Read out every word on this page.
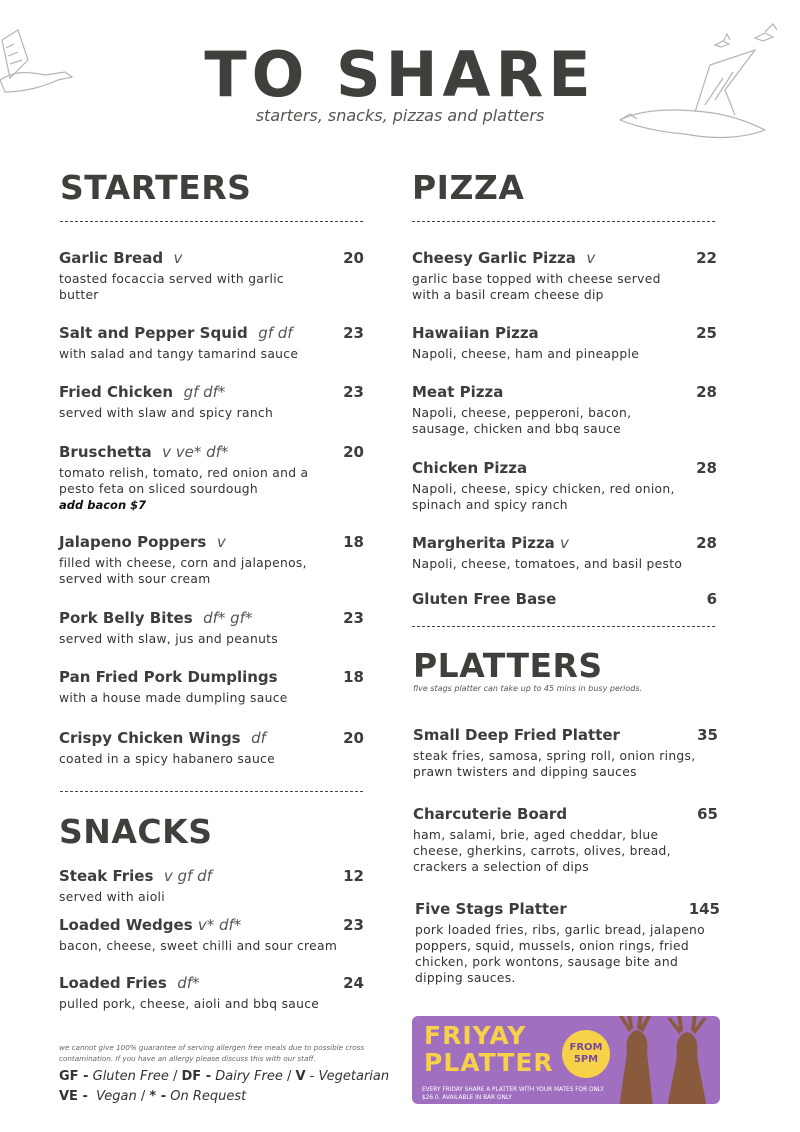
TO SHARE
starters, snacks, pizzas and platters
STARTERS
Garlic Bread v	20
toasted focaccia served with garlic butter
Salt and Pepper Squid gf df	23
with salad and tangy tamarind sauce
Fried Chicken gf df*	23
served with slaw and spicy ranch
Bruschetta v ve* df*	20
tomato relish, tomato, red onion and a pesto feta on sliced sourdough
add bacon $7
Jalapeno Poppers v	18
filled with cheese, corn and jalapenos, served with sour cream
Pork Belly Bites df* gf*	23
served with slaw, jus and peanuts
Pan Fried Pork Dumplings	18
with a house made dumpling sauce
Crispy Chicken Wings df	20
coated in a spicy habanero sauce
SNACKS
Steak Fries v gf df	12
served with aioli
Loaded Wedges v* df*	23
bacon, cheese, sweet chilli and sour cream
Loaded Fries df*	24
pulled pork, cheese, aioli and bbq sauce
we cannot give 100% guarantee of serving allergen free meals due to possible cross contamination. If you have an allergy please discuss this with our staff.
GF - Gluten Free / DF - Dairy Free / V - Vegetarian
VE - Vegan / * - On Request
PIZZA
Cheesy Garlic Pizza v	22
garlic base topped with cheese served with a basil cream cheese dip
Hawaiian Pizza	25
Napoli, cheese, ham and pineapple
Meat Pizza	28
Napoli, cheese, pepperoni, bacon, sausage, chicken and bbq sauce
Chicken Pizza	28
Napoli, cheese, spicy chicken, red onion, spinach and spicy ranch
Margherita Pizza v	28
Napoli, cheese, tomatoes, and basil pesto
Gluten Free Base	6
PLATTERS
five stags platter can take up to 45 mins in busy periods.
Small Deep Fried Platter	35
steak fries, samosa, spring roll, onion rings, prawn twisters and dipping sauces
Charcuterie Board	65
ham, salami, brie, aged cheddar, blue cheese, gherkins, carrots, olives, bread, crackers a selection of dips
Five Stags Platter	145
pork loaded fries, ribs, garlic bread, jalapeno poppers, squid, mussels, onion rings, fried chicken, pork wontons, sausage bite and dipping sauces.
FRIYAY
PLATTER
FROM
5PM
EVERY FRIDAY SHARE A PLATTER WITH YOUR MATES FOR ONLY $26.0. AVAILABLE IN BAR ONLY
